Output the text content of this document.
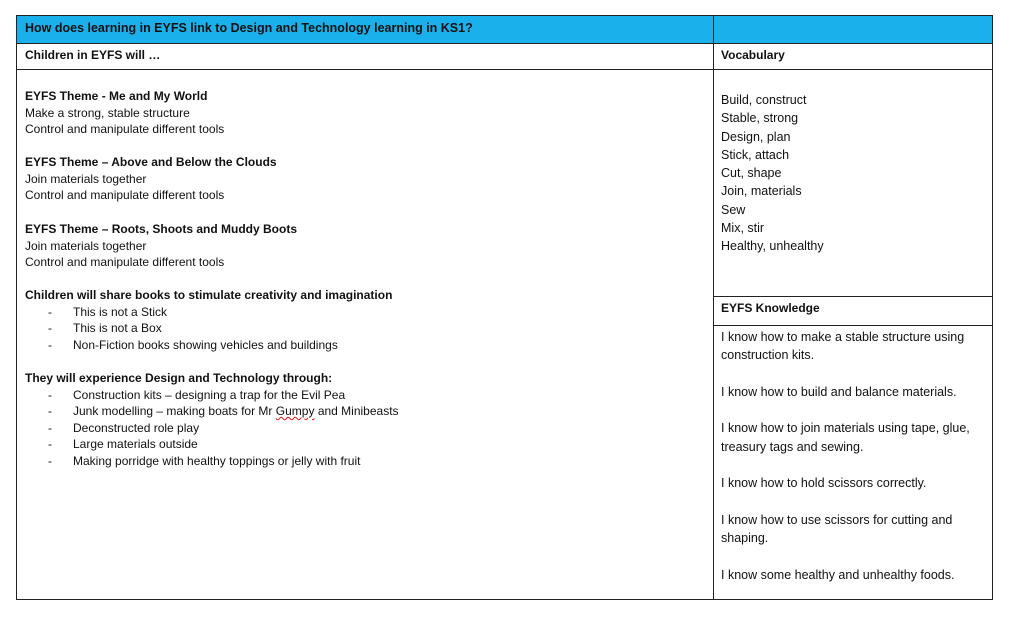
How does learning in EYFS link to Design and Technology learning in KS1?
Children in EYFS will …	Vocabulary
EYFS Knowledge
EYFS Theme - Me and My World
Make a strong, stable structure
Control and manipulate different tools
EYFS Theme – Above and Below the Clouds
Join materials together
Control and manipulate different tools
EYFS Theme – Roots, Shoots and Muddy Boots
Join materials together
Control and manipulate different tools
Children will share books to stimulate creativity and imagination
- This is not a Stick
- This is not a Box
- Non-Fiction books showing vehicles and buildings
They will experience Design and Technology through:
- Construction kits – designing a trap for the Evil Pea
- Junk modelling – making boats for Mr Gumpy and Minibeasts
- Deconstructed role play
- Large materials outside
- Making porridge with healthy toppings or jelly with fruit
Build, construct
Stable, strong
Design, plan
Stick, attach
Cut, shape
Join, materials
Sew
Mix, stir
Healthy, unhealthy

I know how to make a stable structure using construction kits.

I know how to build and balance materials.

I know how to join materials using tape, glue, treasury tags and sewing.

I know how to hold scissors correctly.

I know how to use scissors for cutting and shaping.

I know some healthy and unhealthy foods.
